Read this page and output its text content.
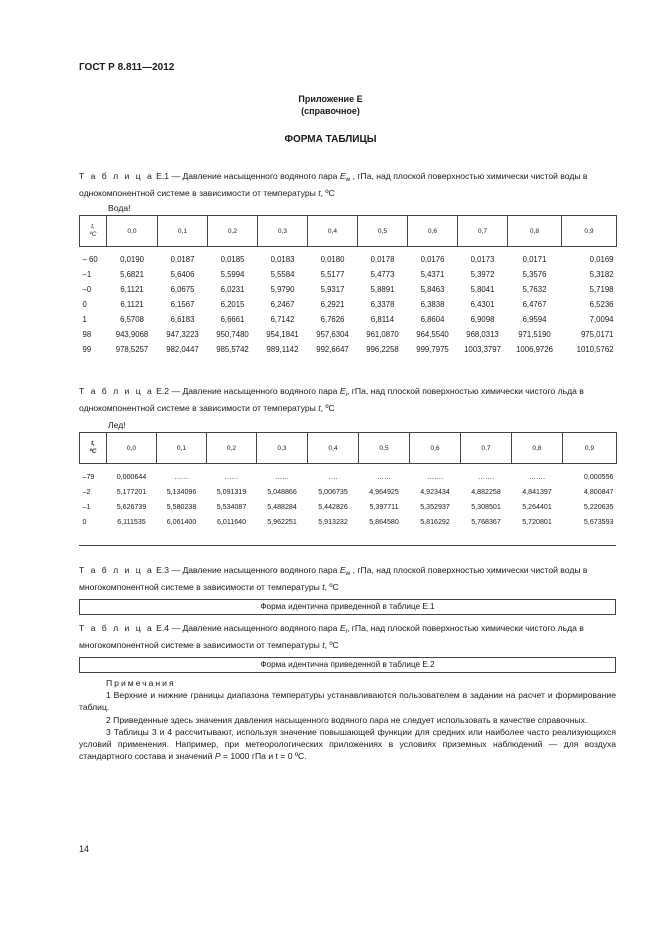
ГОСТ Р 8.811—2012
Приложение Е
(справочное)
ФОРМА ТАБЛИЦЫ
Т а б л и ц а Е.1 — Давление насыщенного водяного пара $E_w$ , гПа, над плоской поверхностью химически чистой воды в однокомпонентной системе в зависимости от температуры t, ºC
Вода!
t,
ºC	0,0	0,1	0,2	0,3	0,4	0,5	0,6	0,7	0,8	0,9
– 60	0,0190	0,0187	0,0185	0,0183	0,0180	0,0178	0,0176	0,0173	0,0171	0,0169
–1	5,6821	5,6406	5,5994	5,5584	5,5177	5,4773	5,4371	5,3972	5,3576	5,3182
–0	6,1121	6,0675	6,0231	5,9790	5,9317	5,8891	5,8463	5,8041	5,7632	5,7198
0	6,1121	6,1567	6,2015	6,2467	6,2921	6,3378	6,3838	6,4301	6,4767	6,5236
1	6,5708	6,6183	6,6661	6,7142	6,7626	6,8114	6,8604	6,9098	6,9594	7,0094
98	943,9068	947,3223	950,7480	954,1841	957,6304	961,0870	964,5540	968,0313	971,5190	975,0171
99	978,5257	982,0447	985,5742	989,1142	992,6647	996,2258	999,7975	1003,3797	1006,9726	1010,5762
Т а б л и ц а Е.2 — Давление насыщенного водяного пара $E_i$, гПа, над плоской поверхностью химически чистого льда в однокомпонентной системе в зависимости от температуры t, ºC
Лед!
t,
ºC	0,0	0,1	0,2	0,3	0,4	0,5	0,6	0,7	0,8	0,9
–79	0,000644	……	……	……	….	……	…….	…….	…….	0,000556
–2	5,177201	5,134096	5,091319	5,048866	5,006735	4,964925	4,923434	4,882258	4,841397	4,800847
–1	5,626739	5,580238	5,534087	5,488284	5,442826	5,397711	5,352937	5,308501	5,264401	5,220635
0	6,111535	6,061400	6,011640	5,962251	5,913232	5,864580	5,816292	5,768367	5,720801	5,673593
Т а б л и ц а Е.3 — Давление насыщенного водяного пара $E_w$ , гПа, над плоской поверхностью химически чистой воды в многокомпонентной системе в зависимости от температуры t, ºC
Форма идентична приведенной в таблице Е.1
Т а б л и ц а Е.4 — Давление насыщенного водяного пара $E_i$, гПа, над плоской поверхностью химически чистого льда в многокомпонентной системе в зависимости от температуры t, ºC
Форма идентична приведенной в таблице Е.2

Примечания

1 Верхние и нижние границы диапазона температуры устанавливаются пользователем в задании на расчет и формирование таблиц.

2 Приведенные здесь значения давления насыщенного водяного пара не следует использовать в качестве справочных.

3 Таблицы 3 и 4 рассчитывают, используя значение повышающей функции для средних или наиболее часто реализующихся условий применения. Например, при метеорологических приложениях в условиях приземных наблюдений — для воздуха стандартного состава и значений P = 1000 гПа и t = 0 ºC.

14
